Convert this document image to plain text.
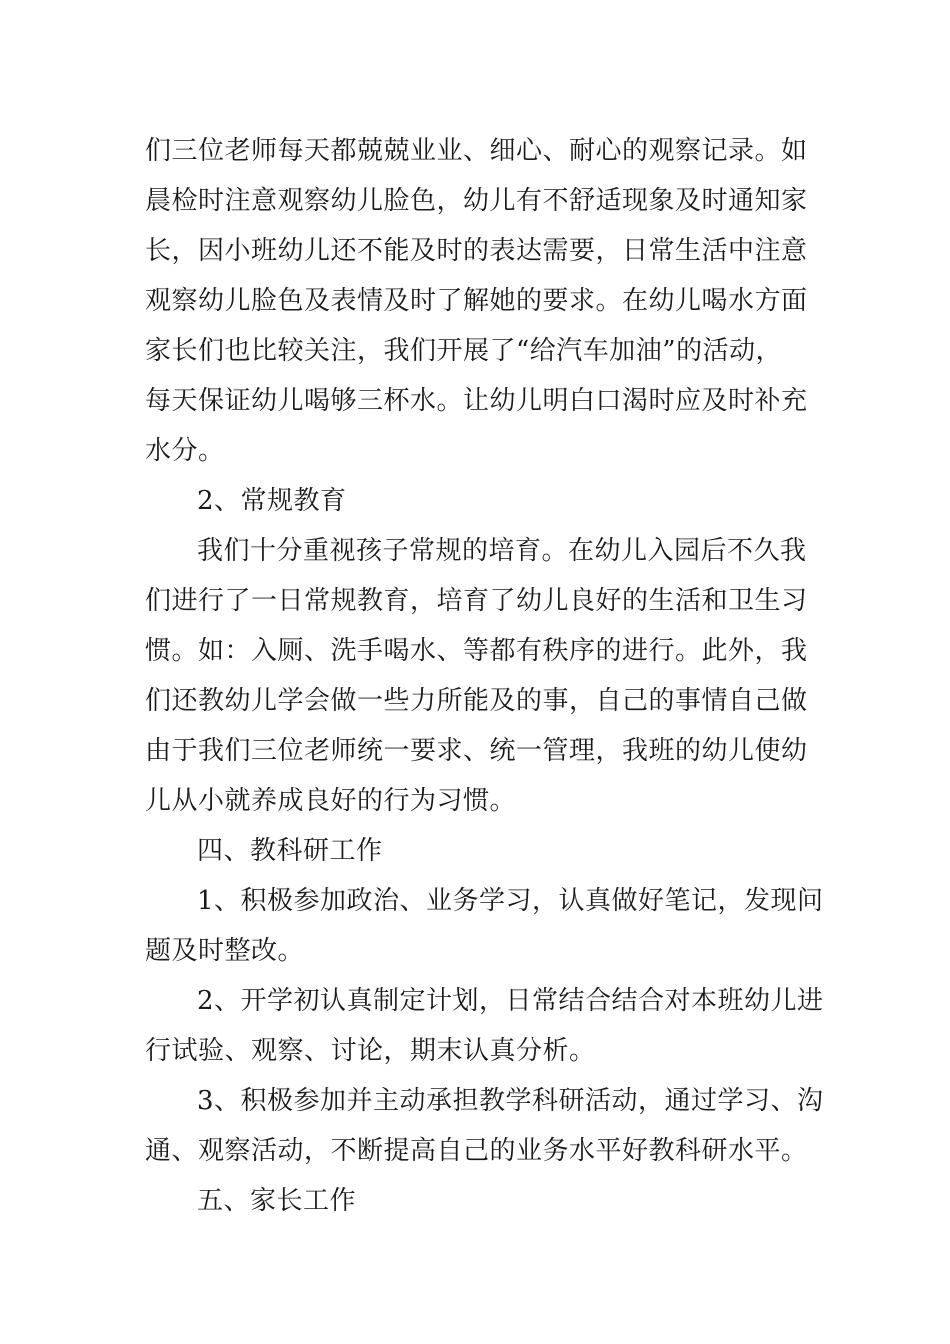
们三位老师每天都兢兢业业、细心、耐心的观察记录。如
晨检时注意观察幼儿脸色，幼儿有不舒适现象及时通知家
长，因小班幼儿还不能及时的表达需要，日常生活中注意
观察幼儿脸色及表情及时了解她的要求。在幼儿喝水方面
家长们也比较关注，我们开展了“给汽车加油”的活动，
每天保证幼儿喝够三杯水。让幼儿明白口渴时应及时补充
水分。

2、常规教育

我们十分重视孩子常规的培育。在幼儿入园后不久我
们进行了一日常规教育，培育了幼儿良好的生活和卫生习
惯。如：入厕、洗手喝水、等都有秩序的进行。此外，我
们还教幼儿学会做一些力所能及的事，自己的事情自己做
由于我们三位老师统一要求、统一管理，我班的幼儿使幼
儿从小就养成良好的行为习惯。

四、教科研工作

1、积极参加政治、业务学习，认真做好笔记，发现问
题及时整改。

2、开学初认真制定计划，日常结合结合对本班幼儿进
行试验、观察、讨论，期末认真分析。

3、积极参加并主动承担教学科研活动，通过学习、沟
通、观察活动，不断提高自己的业务水平好教科研水平。

五、家长工作
